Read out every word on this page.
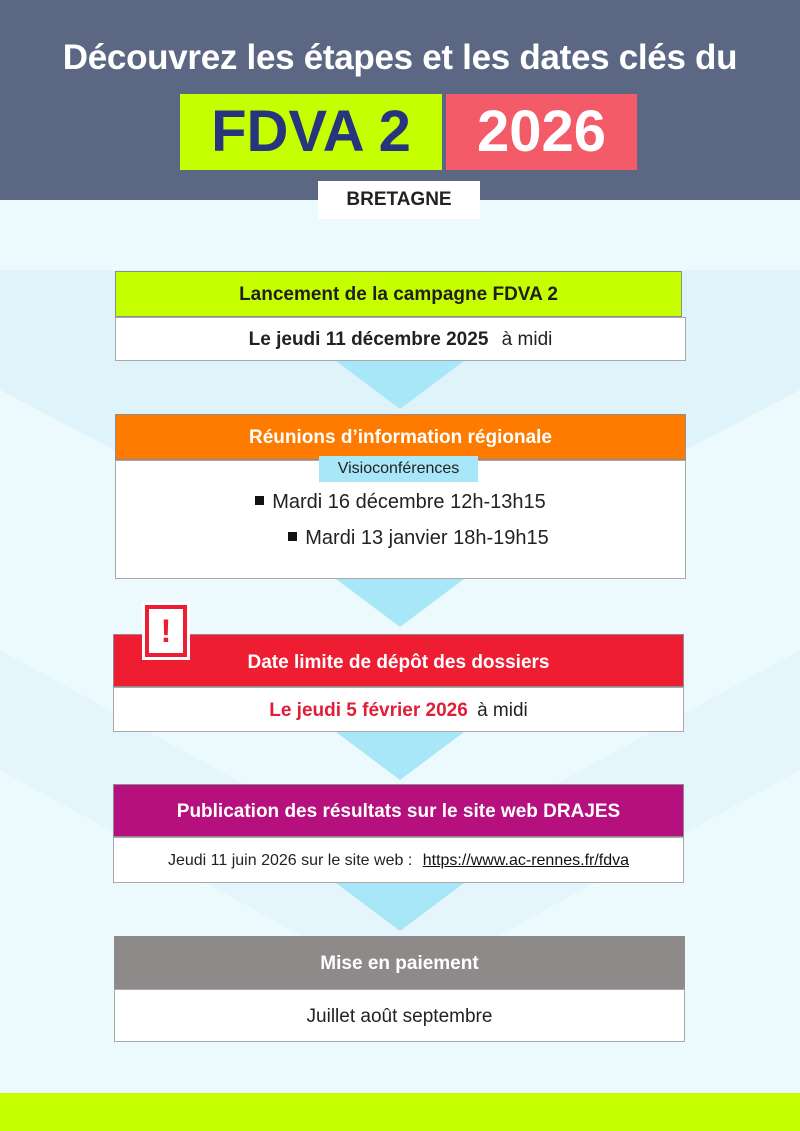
Découvrez les étapes et les dates clés du
FDVA 2	2026
BRETAGNE
Lancement de la campagne FDVA 2
Le jeudi 11 décembre 2025 à midi
Réunions d’information régionale
Mardi 16 décembre 12h-13h15
Mardi 13 janvier 18h-19h15
Visioconférences
Date limite de dépôt des dossiers
!
Le jeudi 5 février 2026 à midi
Publication des résultats sur le site web DRAJES
Jeudi 11 juin 2026 sur le site web : https://www.ac-rennes.fr/fdva
Mise en paiement
Juillet août septembre
